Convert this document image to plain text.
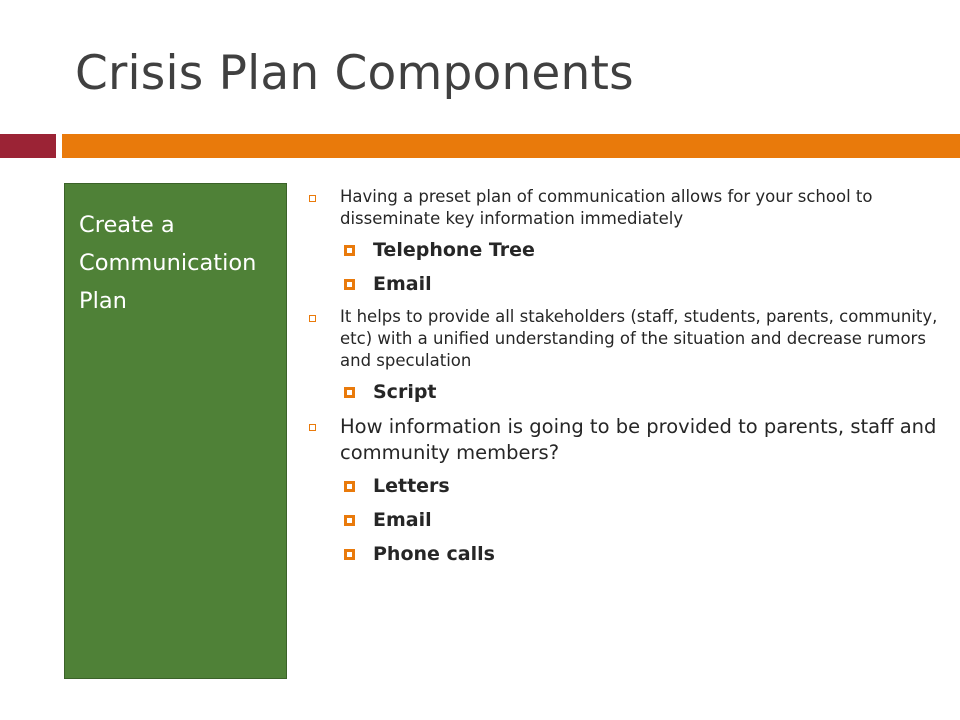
Crisis Plan Components
Create a
Communication
Plan
Having a preset plan of communication allows for your school to disseminate key information immediately
Telephone Tree
Email
It helps to provide all stakeholders (staff, students, parents, community, etc) with a unified understanding of the situation and decrease rumors and speculation
Script
How information is going to be provided to parents, staff and community members?
Letters
Email
Phone calls
